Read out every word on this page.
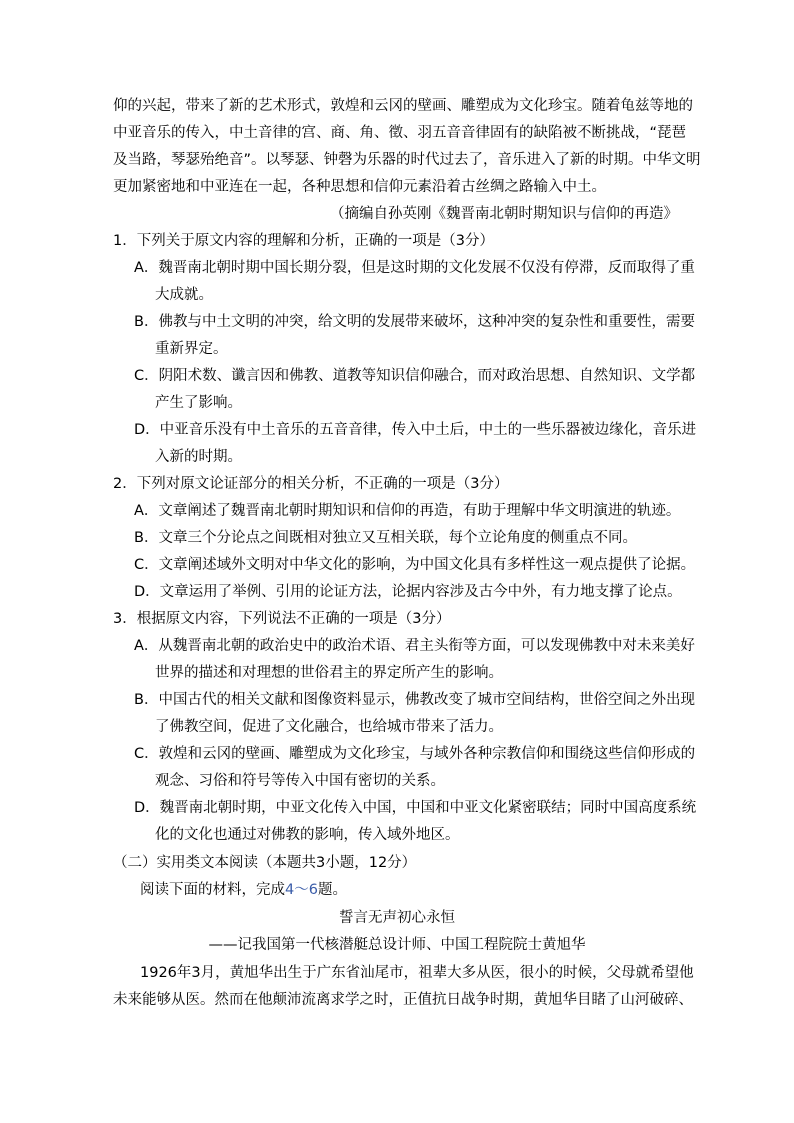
仰的兴起，带来了新的艺术形式，敦煌和云冈的壁画、雕塑成为文化珍宝。随着龟兹等地的
中亚音乐的传入，中土音律的宫、商、角、徵、羽五音音律固有的缺陷被不断挑战，“琵琶
及当路，琴瑟殆绝音”。以琴瑟、钟磬为乐器的时代过去了，音乐进入了新的时期。中华文明
更加紧密地和中亚连在一起，各种思想和信仰元素沿着古丝绸之路输入中土。
（摘编自孙英刚《魏晋南北朝时期知识与信仰的再造》
1．下列关于原文内容的理解和分析，正确的一项是（3分）
A．魏晋南北朝时期中国长期分裂，但是这时期的文化发展不仅没有停滞，反而取得了重
大成就。
B．佛教与中土文明的冲突，给文明的发展带来破坏，这种冲突的复杂性和重要性，需要
重新界定。
C．阴阳术数、谶言因和佛教、道教等知识信仰融合，而对政治思想、自然知识、文学都
产生了影响。
D．中亚音乐没有中土音乐的五音音律，传入中土后，中土的一些乐器被边缘化，音乐进
入新的时期。
2．下列对原文论证部分的相关分析，不正确的一项是（3分）
A．文章阐述了魏晋南北朝时期知识和信仰的再造，有助于理解中华文明演进的轨迹。
B．文章三个分论点之间既相对独立又互相关联，每个立论角度的侧重点不同。
C．文章阐述域外文明对中华文化的影响，为中国文化具有多样性这一观点提供了论据。
D．文章运用了举例、引用的论证方法，论据内容涉及古今中外，有力地支撑了论点。
3．根据原文内容，下列说法不正确的一项是（3分）
A．从魏晋南北朝的政治史中的政治术语、君主头衔等方面，可以发现佛教中对未来美好
世界的描述和对理想的世俗君主的界定所产生的影响。
B．中国古代的相关文献和图像资料显示，佛教改变了城市空间结构，世俗空间之外出现
了佛教空间，促进了文化融合，也给城市带来了活力。
C．敦煌和云冈的壁画、雕塑成为文化珍宝，与域外各种宗教信仰和围绕这些信仰形成的
观念、习俗和符号等传入中国有密切的关系。
D．魏晋南北朝时期，中亚文化传入中国，中国和中亚文化紧密联结；同时中国高度系统
化的文化也通过对佛教的影响，传入域外地区。
（二）实用类文本阅读（本题共3小题，12分）
阅读下面的材料，完成4～6题。
誓言无声初心永恒
——记我国第一代核潜艇总设计师、中国工程院院士黄旭华
1926年3月，黄旭华出生于广东省汕尾市，祖辈大多从医，很小的时候，父母就希望他
未来能够从医。然而在他颠沛流离求学之时，正值抗日战争时期，黄旭华目睹了山河破碎、
